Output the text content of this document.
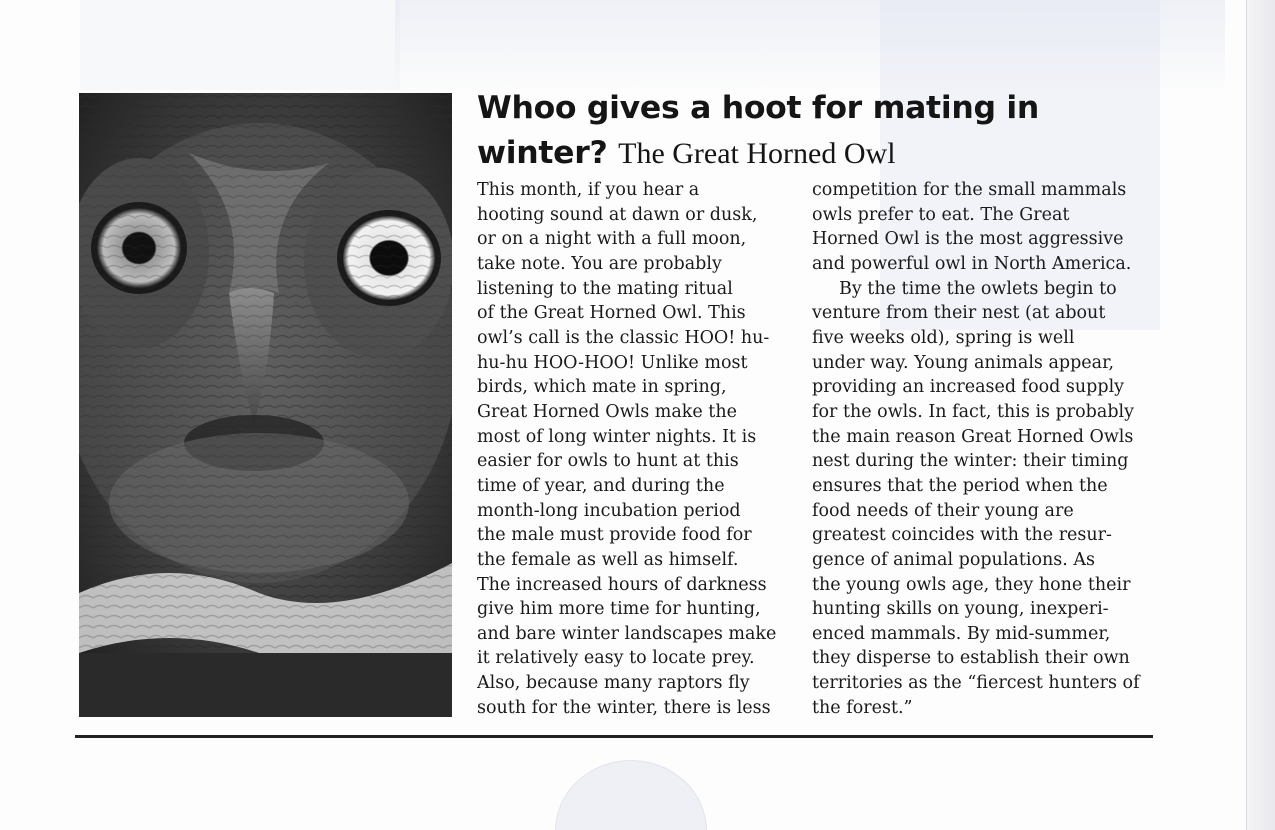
Whoo gives a hoot for mating in winter? The Great Horned Owl

This month, if you hear a
hooting sound at dawn or dusk,
or on a night with a full moon,
take note. You are probably
listening to the mating ritual
of the Great Horned Owl. This
owl’s call is the classic HOO! hu-
hu-hu HOO-HOO! Unlike most
birds, which mate in spring,
Great Horned Owls make the
most of long winter nights. It is
easier for owls to hunt at this
time of year, and during the
month-long incubation period
the male must provide food for
the female as well as himself.
The increased hours of darkness
give him more time for hunting,
and bare winter landscapes make
it relatively easy to locate prey.
Also, because many raptors fly
south for the winter, there is less

competition for the small mammals
owls prefer to eat. The Great
Horned Owl is the most aggressive
and powerful owl in North America.
By the time the owlets begin to
venture from their nest (at about
five weeks old), spring is well
under way. Young animals appear,
providing an increased food supply
for the owls. In fact, this is probably
the main reason Great Horned Owls
nest during the winter: their timing
ensures that the period when the
food needs of their young are
greatest coincides with the resur-
gence of animal populations. As
the young owls age, they hone their
hunting skills on young, inexperi-
enced mammals. By mid-summer,
they disperse to establish their own
territories as the “fiercest hunters of
the forest.”
